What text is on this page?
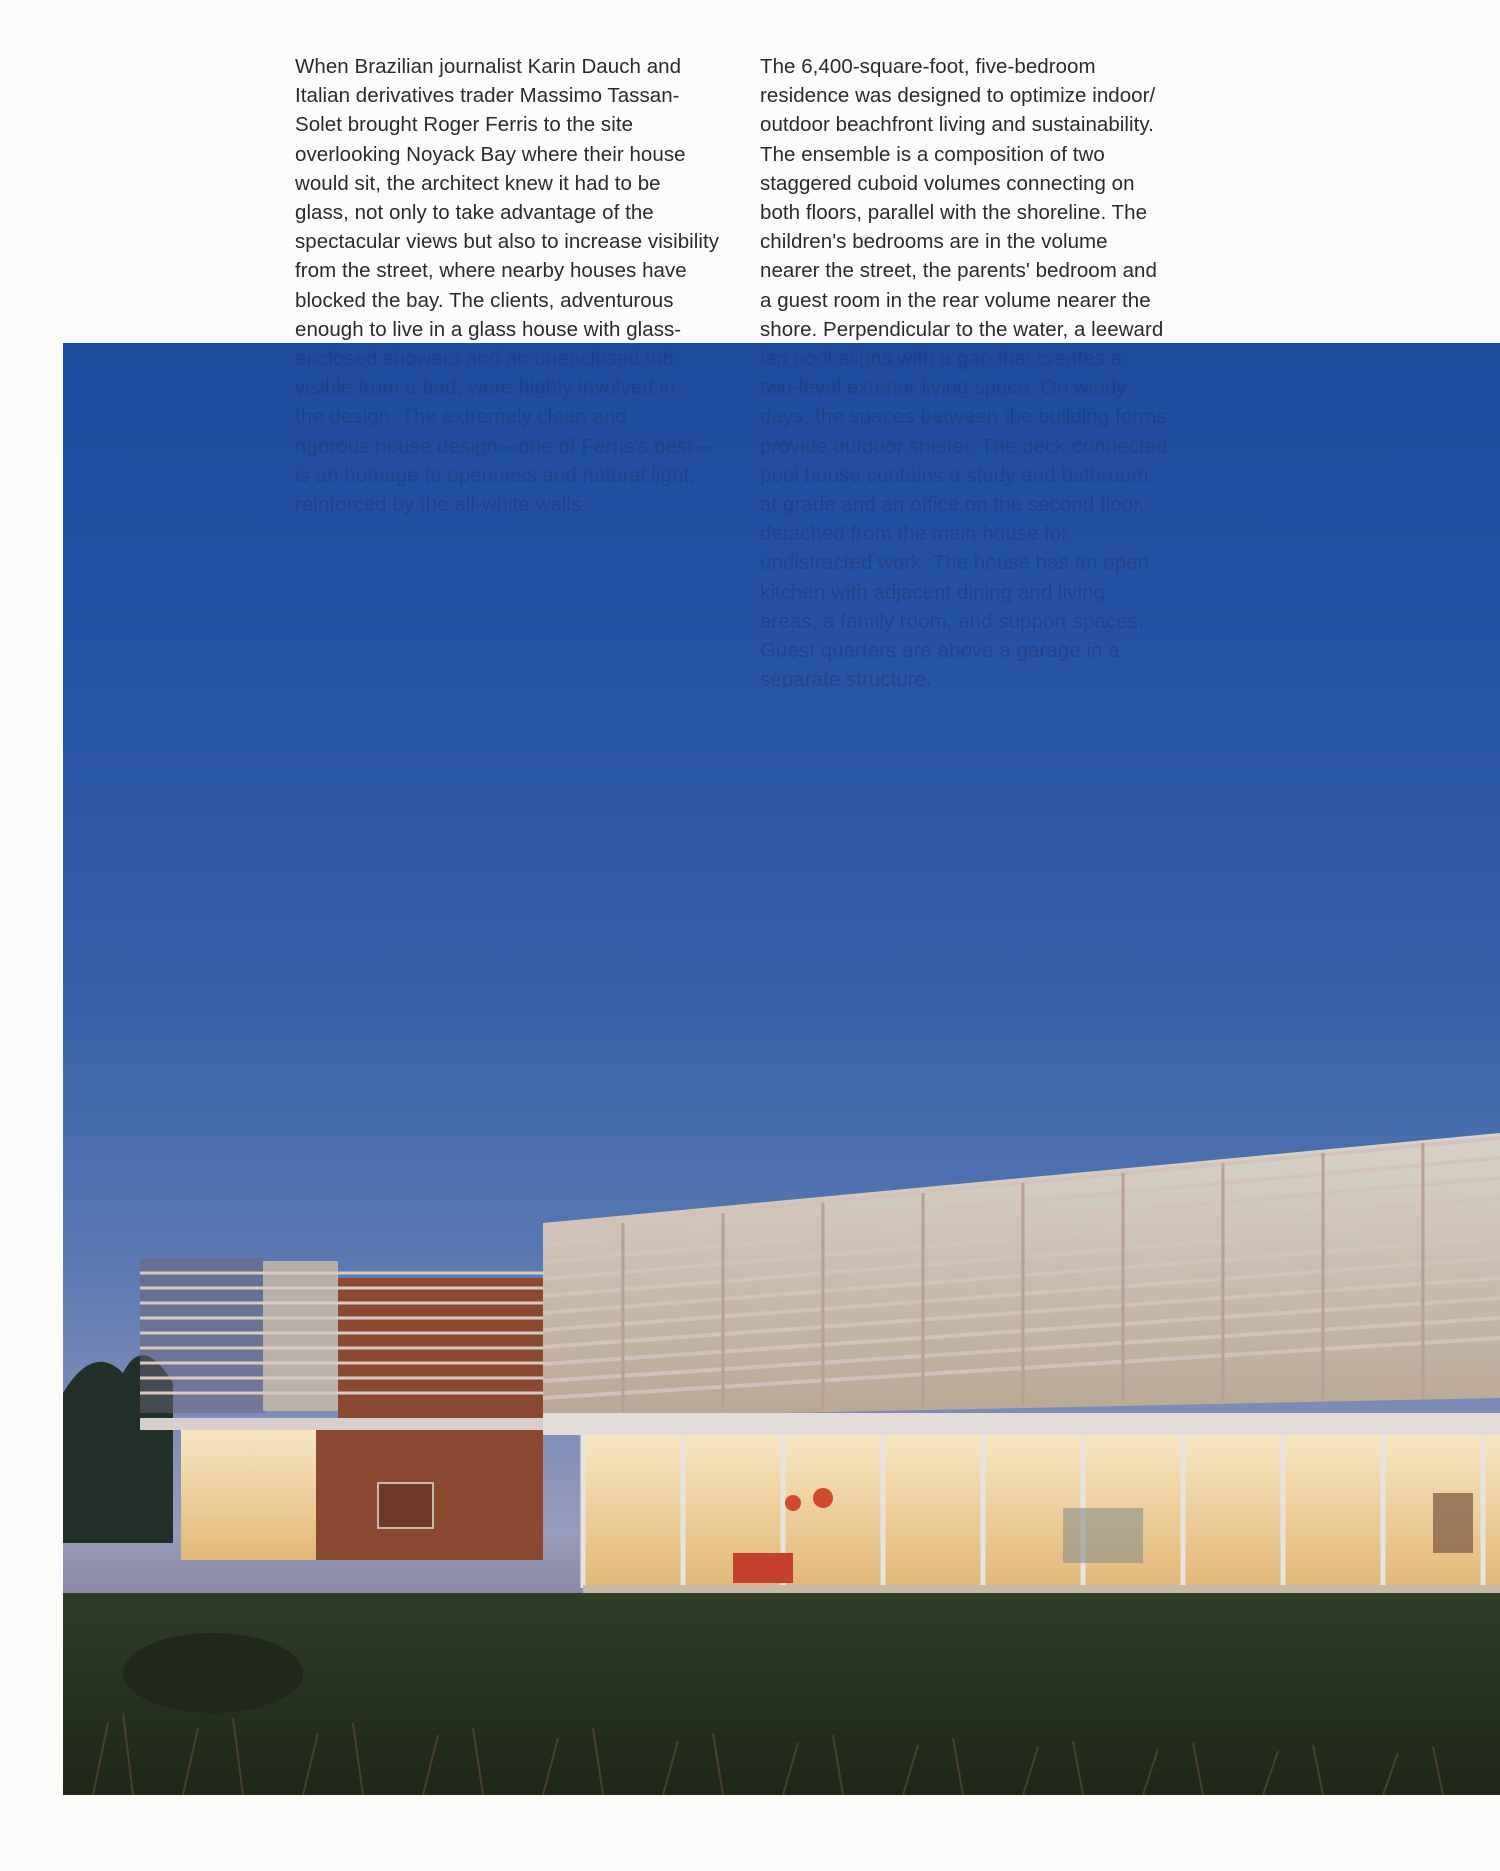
When Brazilian journalist Karin Dauch and
Italian derivatives trader Massimo Tassan-
Solet brought Roger Ferris to the site
overlooking Noyack Bay where their house
would sit, the architect knew it had to be
glass, not only to take advantage of the
spectacular views but also to increase visibility
from the street, where nearby houses have
blocked the bay. The clients, adventurous
enough to live in a glass house with glass-
enclosed showers and an unenclosed tub
visible from a bed, were highly involved in
the design. The extremely clean and
rigorous house design—one of Ferris's best—
is an homage to openness and natural light,
reinforced by the all-white walls.
The 6,400-square-foot, five-bedroom
residence was designed to optimize indoor/
outdoor beachfront living and sustainability.
The ensemble is a composition of two
staggered cuboid volumes connecting on
both floors, parallel with the shoreline. The
children's bedrooms are in the volume
nearer the street, the parents' bedroom and
a guest room in the rear volume nearer the
shore. Perpendicular to the water, a leeward
lap pool aligns with a gap that creates a
two-level exterior living space. On windy
days, the spaces between the building forms
provide outdoor shelter. The deck-connected
pool house contains a study and bathroom
at grade and an office on the second floor,
detached from the main house for
undistracted work. The house has an open
kitchen with adjacent dining and living
areas, a family room, and support spaces.
Guest quarters are above a garage in a
separate structure.
